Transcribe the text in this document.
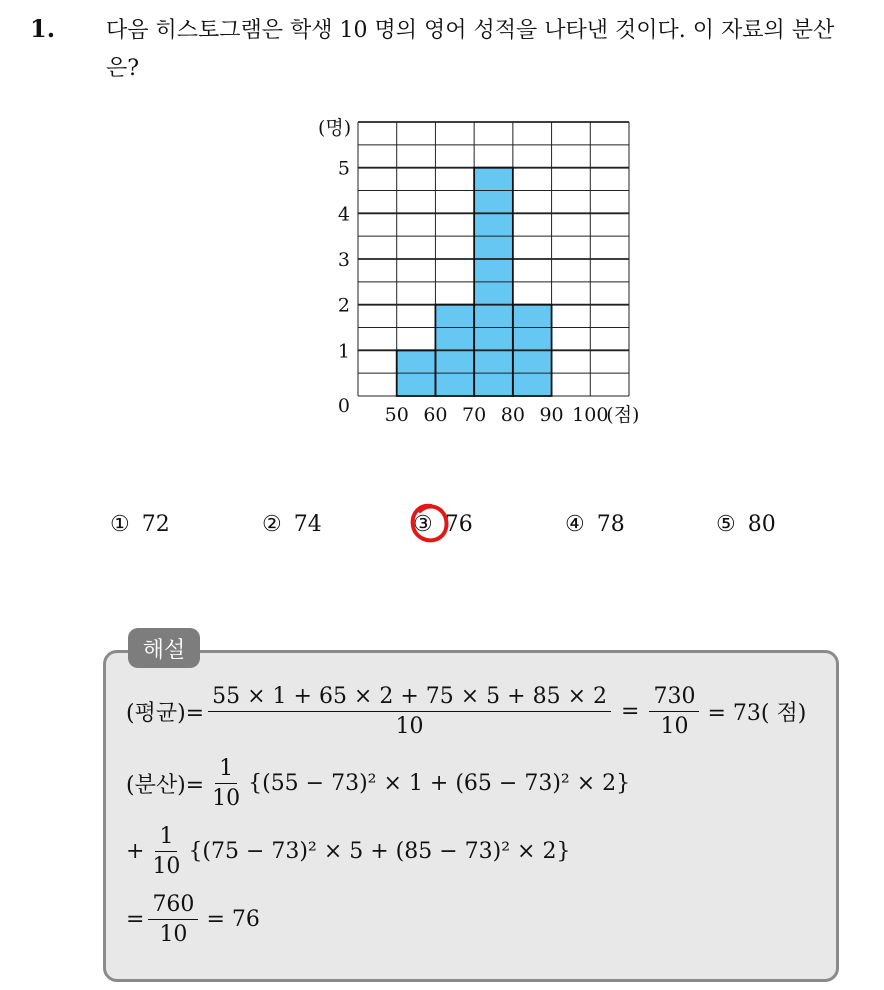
1. 다음 히스토그램은 학생 10 명의 영어 성적을 나타낸 것이다. 이 자료의 분산은?
1
2
3
4
5
0 50 60 70 80 90 100
(점)
(명)
① 72	② 74	③ 76	④ 78	⑤ 80
해설
(평균)= $\frac{55 \times 1 + 65 \times 2 + 75 \times 5 + 85 \times 2}{10} = \frac{730}{10} = 73$( 점)
(분산)= $\frac{1}{10} \{(55 - 73)^2 \times 1 + (65 - 73)^2 \times 2\}$
+ $\frac{1}{10} \{(75 - 73)^2 \times 5 + (85 - 73)^2 \times 2\}$
= $\frac{760}{10} = 76$
